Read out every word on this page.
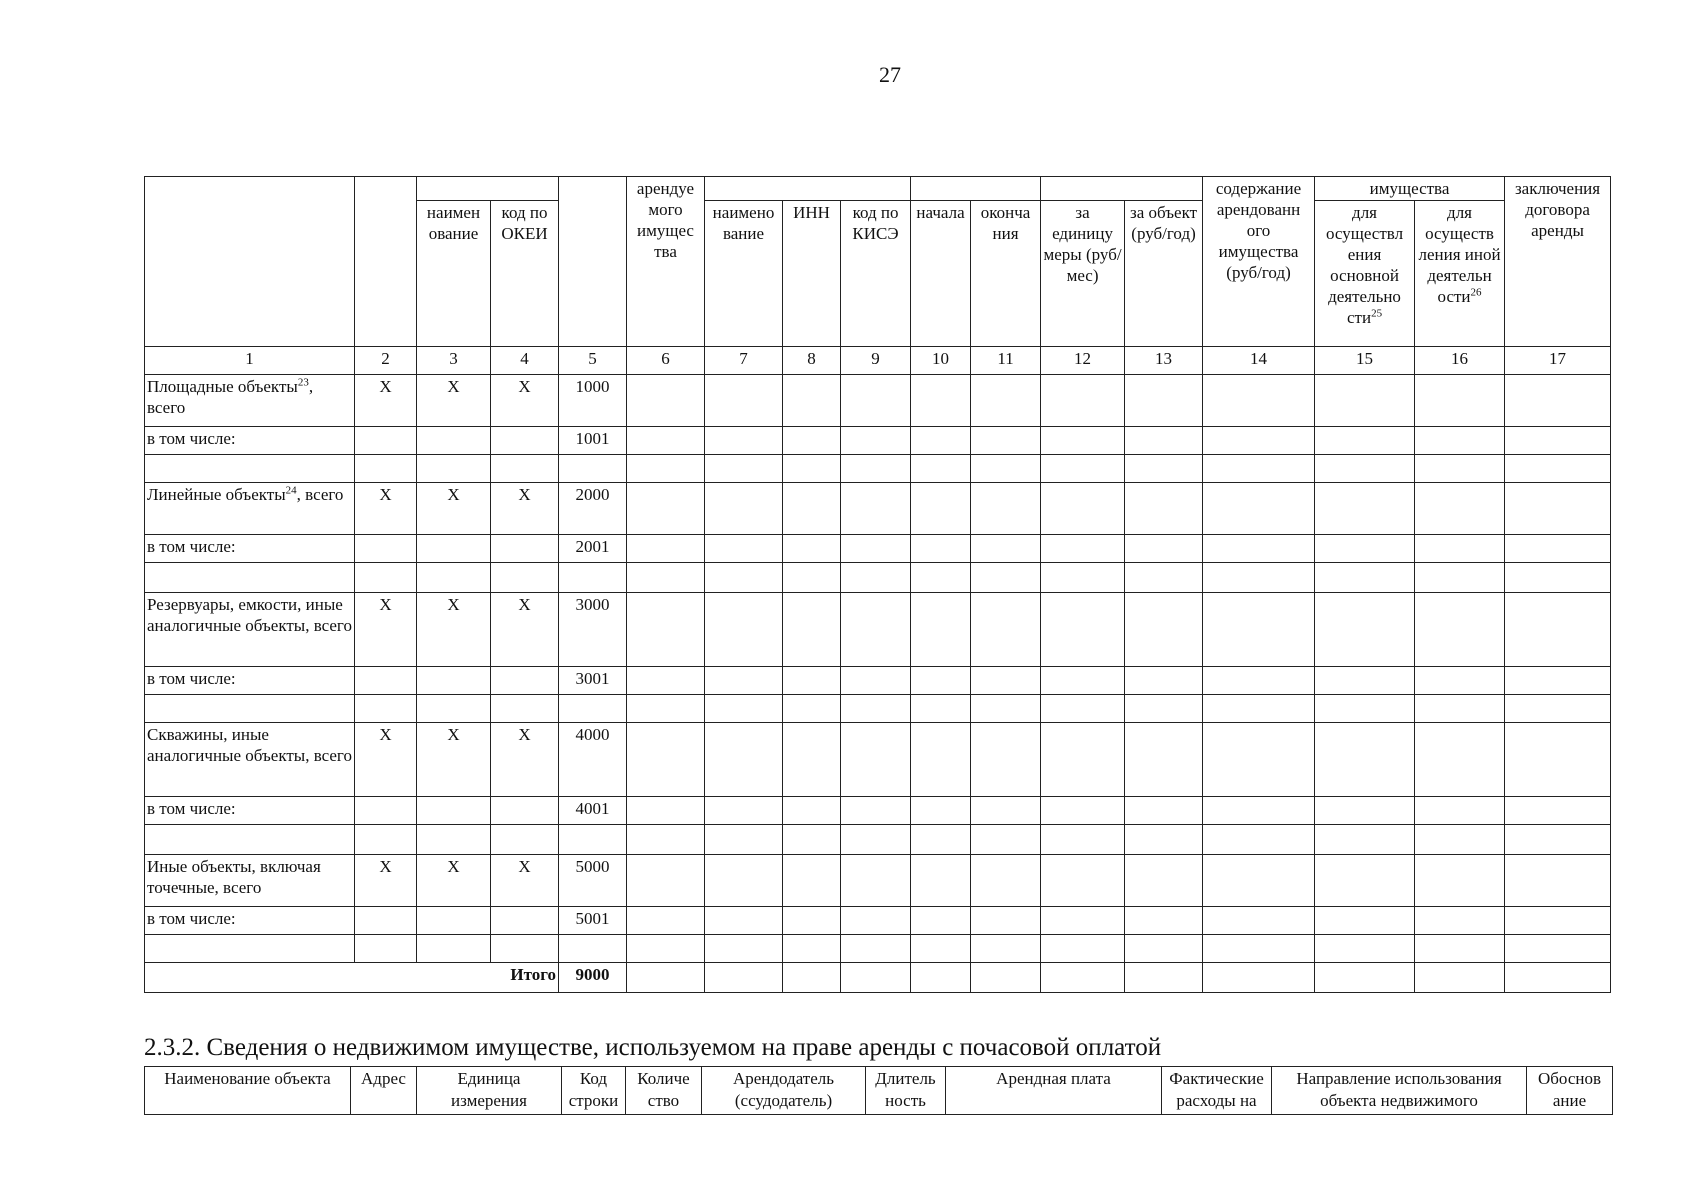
27
					арендуе мого имущес тва								содержание арендованн ого имущества (руб/год)	имущества		заключения договора аренды
		наимен ование	код по ОКЕИ			наимено вание	ИНН	код по КИСЭ	начала	оконча ния	за единицу меры (руб/мес)	за объект (руб/год)		для осуществл ения основной деятельно сти$^{25}$	для осуществ ления иной деятельн ости$^{26}$
1	2	3	4	5	6	7	8	9	10	11	12	13	14	15	16	17
Площадные объекты$^{23}$, всего	X	X	X	1000												
в том числе:				1001												

Линейные объекты$^{24}$, всего	X	X	X	2000												
в том числе:				2001												

Резервуары, емкости, иные аналогичные объекты, всего	X	X	X	3000												
в том числе:				3001												

Скважины, иные аналогичные объекты, всего	X	X	X	4000												
в том числе:				4001												

Иные объекты, включая точечные, всего	X	X	X	5000												
в том числе:				5001												

Итого				9000												
2.3.2. Сведения о недвижимом имуществе, используемом на праве аренды с почасовой оплатой
Наименование объекта	Адрес	Единица измерения	Код строки	Количе ство	Арендодатель (ссудодатель)	Длитель ность	Арендная плата	Фактические расходы на	Направление использования объекта недвижимого	Обоснов ание
